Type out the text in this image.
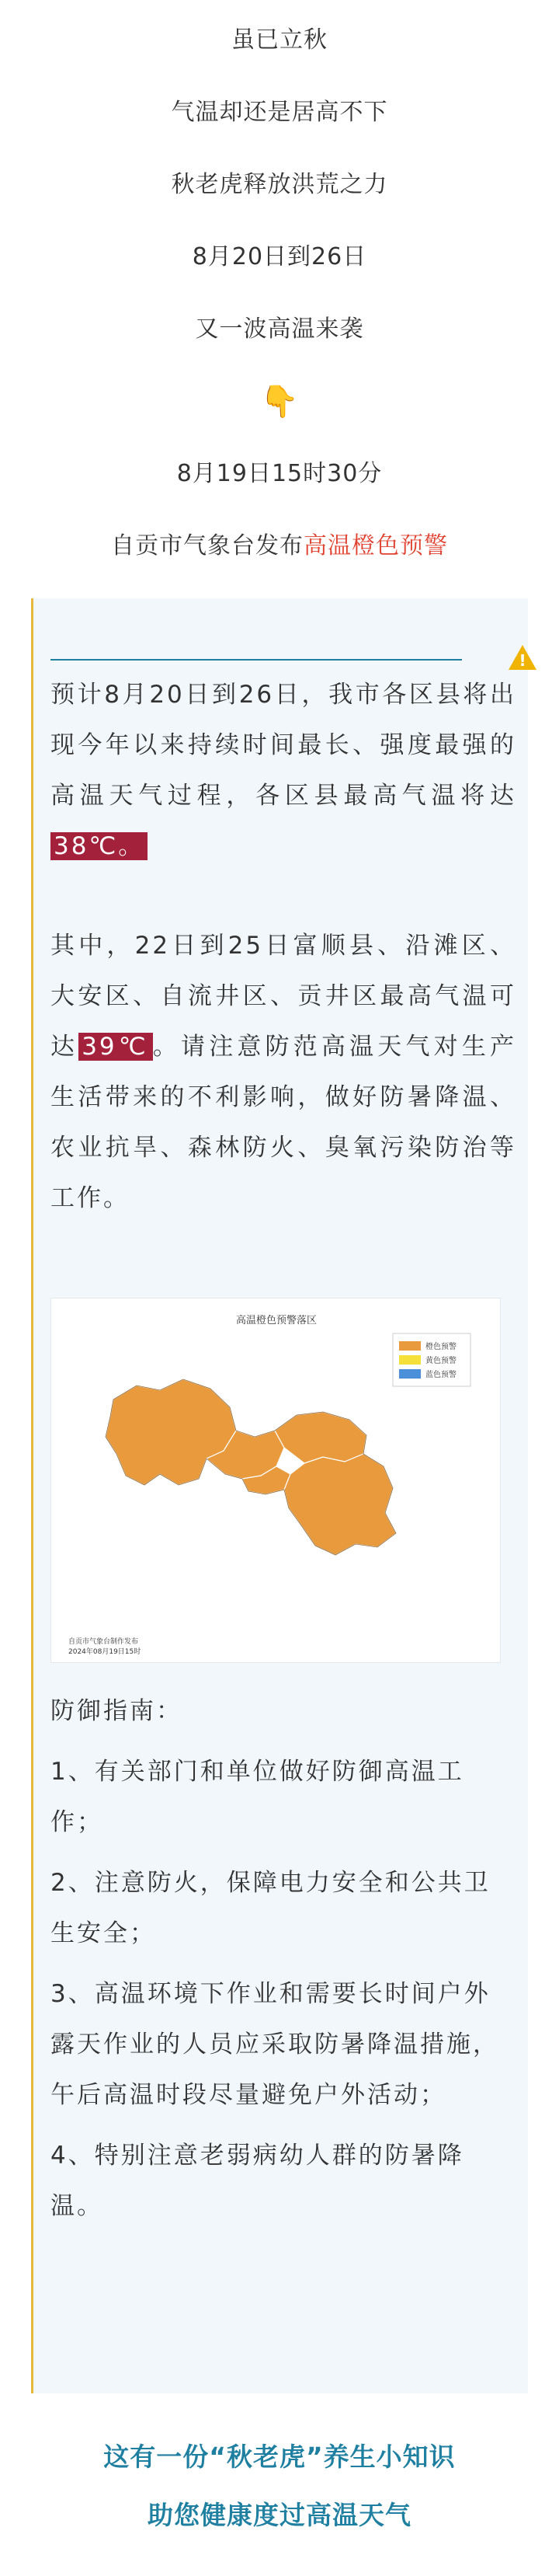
虽已立秋
气温却还是居高不下
秋老虎释放洪荒之力
8月20日到26日
又一波高温来袭
👇
8月19日15时30分
自贡市气象台发布高温橙色预警
!

预计8月20日到26日，我市各区县将出现今年以来持续时间最长、强度最强的高温天气过程，各区县最高气温将达38℃。

其中，22日到25日富顺县、沿滩区、大安区、自流井区、贡井区最高气温可达 39℃ 。请注意防范高温天气对生产生活带来的不利影响，做好防暑降温、农业抗旱、森林防火、臭氧污染防治等工作。

高温橙色预警落区
橙色预警
黄色预警
蓝色预警
自贡市气象台制作发布
2024年08月19日15时
防御指南：
1、有关部门和单位做好防御高温工作；
2、注意防火，保障电力安全和公共卫生安全；
3、高温环境下作业和需要长时间户外露天作业的人员应采取防暑降温措施，午后高温时段尽量避免户外活动；
4、特别注意老弱病幼人群的防暑降温。
这有一份“秋老虎”养生小知识
助您健康度过高温天气
